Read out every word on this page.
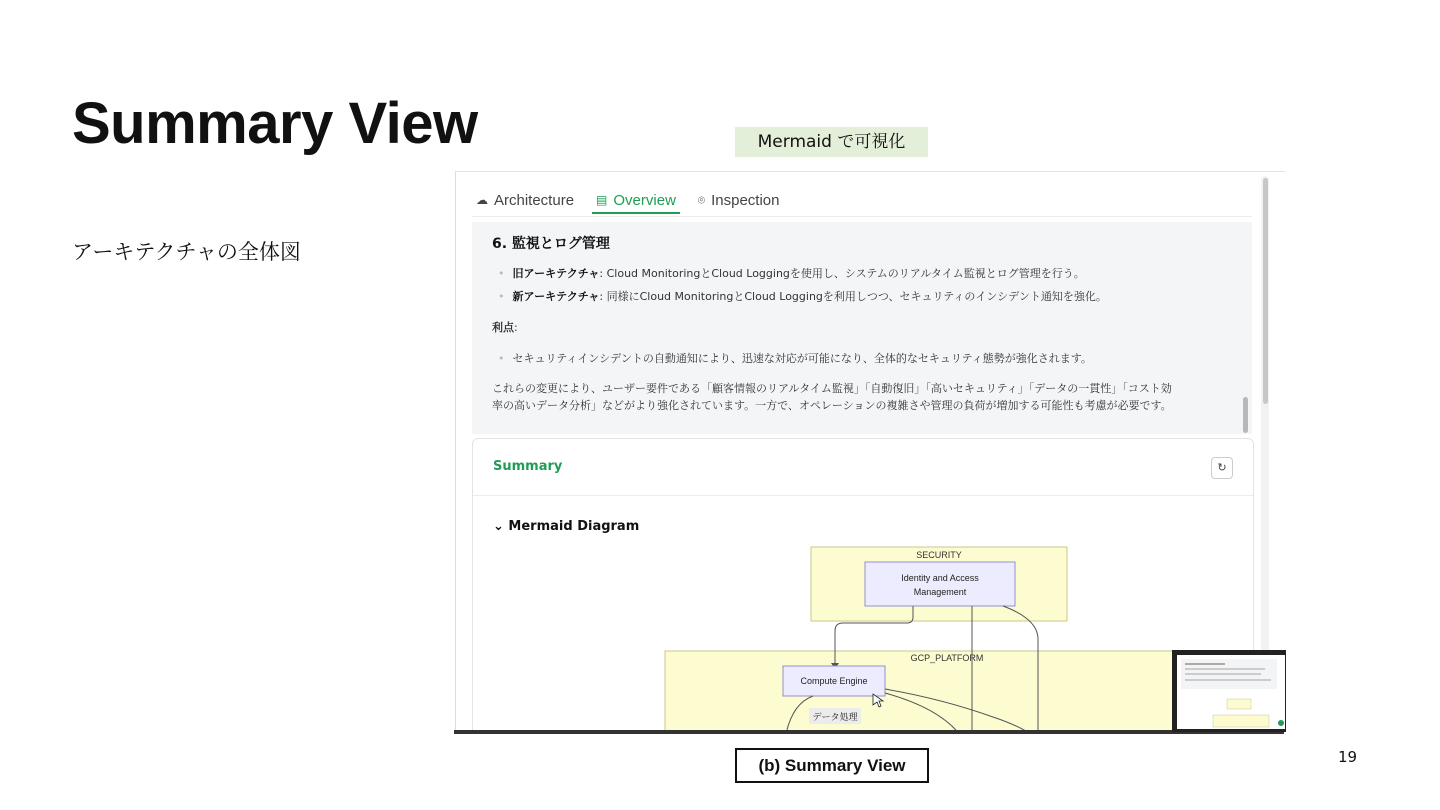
Summary View
アーキテクチャの全体図
Mermaid で可視化
☁ Architecture ▤ Overview ⌾ Inspection
6. 監視とログ管理
• 旧アーキテクチャ: Cloud MonitoringとCloud Loggingを使用し、システムのリアルタイム監視とログ管理を行う。
• 新アーキテクチャ: 同様にCloud MonitoringとCloud Loggingを利用しつつ、セキュリティのインシデント通知を強化。
利点:
• セキュリティインシデントの自動通知により、迅速な対応が可能になり、全体的なセキュリティ態勢が強化されます。
これらの変更により、ユーザー要件である「顧客情報のリアルタイム監視」「自動復旧」「高いセキュリティ」「データの一貫性」「コスト効
率の高いデータ分析」などがより強化されています。一方で、オペレーションの複雑さや管理の負荷が増加する可能性も考慮が必要です。
Summary	↻
⌄ Mermaid Diagram
SECURITY
Identity and Access
Management
GCP_PLATFORM
Compute Engine
データ処理
(b) Summary View	19
